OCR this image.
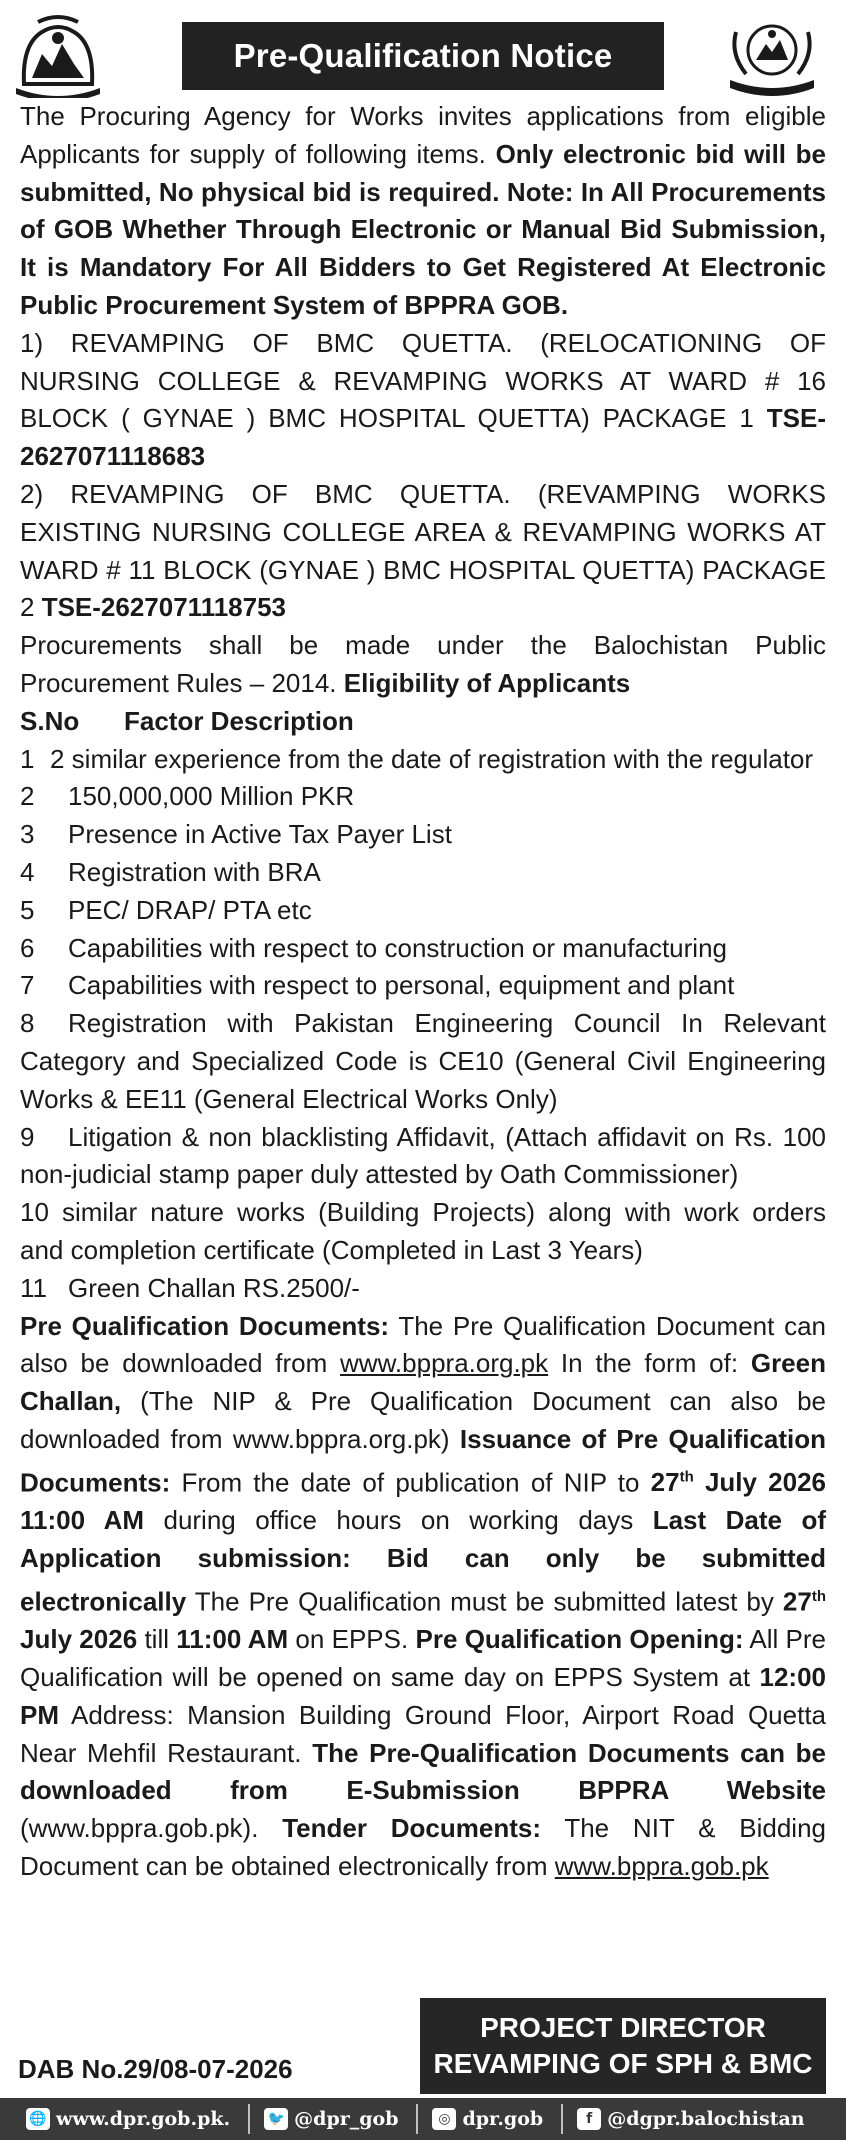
Pre-Qualification Notice

The Procuring Agency for Works invites applications from eligible Applicants for supply of following items. Only electronic bid will be submitted, No physical bid is required. Note: In All Procurements of GOB Whether Through Electronic or Manual Bid Submission, It is Mandatory For All Bidders to Get Registered At Electronic Public Procurement System of BPPRA GOB.

1) REVAMPING OF BMC QUETTA. (RELOCATIONING OF NURSING COLLEGE & REVAMPING WORKS AT WARD # 16 BLOCK ( GYNAE ) BMC HOSPITAL QUETTA) PACKAGE 1 TSE-2627071118683

2) REVAMPING OF BMC QUETTA. (REVAMPING WORKS EXISTING NURSING COLLEGE AREA & REVAMPING WORKS AT WARD # 11 BLOCK (GYNAE ) BMC HOSPITAL QUETTA) PACKAGE 2 TSE-2627071118753

Procurements shall be made under the Balochistan Public Procurement Rules – 2014. Eligibility of Applicants

S.No	Factor Description

1 2 similar experience from the date of registration with the regulator

2	150,000,000 Million PKR
3	Presence in Active Tax Payer List
4	Registration with BRA
5	PEC/ DRAP/ PTA etc
6	Capabilities with respect to construction or manufacturing
7	Capabilities with respect to personal, equipment and plant

8 Registration with Pakistan Engineering Council In Relevant Category and Specialized Code is CE10 (General Civil Engineering Works & EE11 (General Electrical Works Only)

9 Litigation & non blacklisting Affidavit, (Attach affidavit on Rs. 100 non-judicial stamp paper duly attested by Oath Commissioner)

10 similar nature works (Building Projects) along with work orders and completion certificate (Completed in Last 3 Years)

11 Green Challan RS.2500/-

Pre Qualification Documents: The Pre Qualification Document can also be downloaded from www.bppra.org.pk In the form of: Green Challan, (The NIP & Pre Qualification Document can also be downloaded from www.bppra.org.pk) Issuance of Pre Qualification Documents: From the date of publication of NIP to 27th July 2026 11:00 AM during office hours on working days Last Date of Application submission: Bid can only be submitted electronically The Pre Qualification must be submitted latest by 27th July 2026 till 11:00 AM on EPPS. Pre Qualification Opening: All Pre Qualification will be opened on same day on EPPS System at 12:00 PM Address: Mansion Building Ground Floor, Airport Road Quetta Near Mehfil Restaurant. The Pre-Qualification Documents can be downloaded from E-Submission BPPRA Website (www.bppra.gob.pk). Tender Documents: The NIT & Bidding Document can be obtained electronically from www.bppra.gob.pk

PROJECT DIRECTOR
REVAMPING OF SPH & BMC
DAB No.29/08-07-2026
🌐 www.dpr.gob.pk.	🐦 @dpr_gob	◎ dpr.gob	f @dgpr.balochistan
